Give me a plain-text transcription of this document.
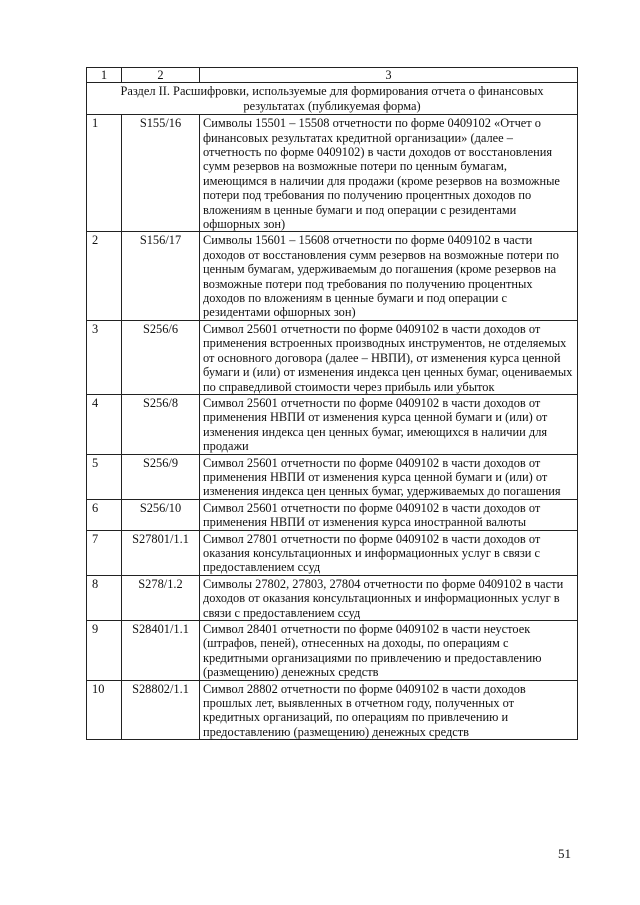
1	2	3
Раздел II. Расшифровки, используемые для формирования отчета о финансовых результатах (публикуемая форма)		
1	S155/16	Символы 15501 – 15508 отчетности по форме 0409102 «Отчет о финансовых результатах кредитной организации» (далее – отчетность по форме 0409102) в части доходов от восстановления сумм резервов на возможные потери по ценным бумагам, имеющимся в наличии для продажи (кроме резервов на возможные потери под требования по получению процентных доходов по вложениям в ценные бумаги и под операции с резидентами офшорных зон)
2	S156/17	Символы 15601 – 15608 отчетности по форме 0409102 в части доходов от восстановления сумм резервов на возможные потери по ценным бумагам, удерживаемым до погашения (кроме резервов на возможные потери под требования по получению процентных доходов по вложениям в ценные бумаги и под операции с резидентами офшорных зон)
3	S256/6	Символ 25601 отчетности по форме 0409102 в части доходов от применения встроенных производных инструментов, не отделяемых от основного договора (далее – НВПИ), от изменения курса ценной бумаги и (или) от изменения индекса цен ценных бумаг, оцениваемых по справедливой стоимости через прибыль или убыток
4	S256/8	Символ 25601 отчетности по форме 0409102 в части доходов от применения НВПИ от изменения курса ценной бумаги и (или) от изменения индекса цен ценных бумаг, имеющихся в наличии для продажи
5	S256/9	Символ 25601 отчетности по форме 0409102 в части доходов от применения НВПИ от изменения курса ценной бумаги и (или) от изменения индекса цен ценных бумаг, удерживаемых до погашения
6	S256/10	Символ 25601 отчетности по форме 0409102 в части доходов от применения НВПИ от изменения курса иностранной валюты
7	S27801/1.1	Символ 27801 отчетности по форме 0409102 в части доходов от оказания консультационных и информационных услуг в связи с предоставлением ссуд
8	S278/1.2	Символы 27802, 27803, 27804 отчетности по форме 0409102 в части доходов от оказания консультационных и информационных услуг в связи с предоставлением ссуд
9	S28401/1.1	Символ 28401 отчетности по форме 0409102 в части неустоек (штрафов, пеней), отнесенных на доходы, по операциям с кредитными организациями по привлечению и предоставлению (размещению) денежных средств
10	S28802/1.1	Символ 28802 отчетности по форме 0409102 в части доходов прошлых лет, выявленных в отчетном году, полученных от кредитных организаций, по операциям по привлечению и предоставлению (размещению) денежных средств
51
